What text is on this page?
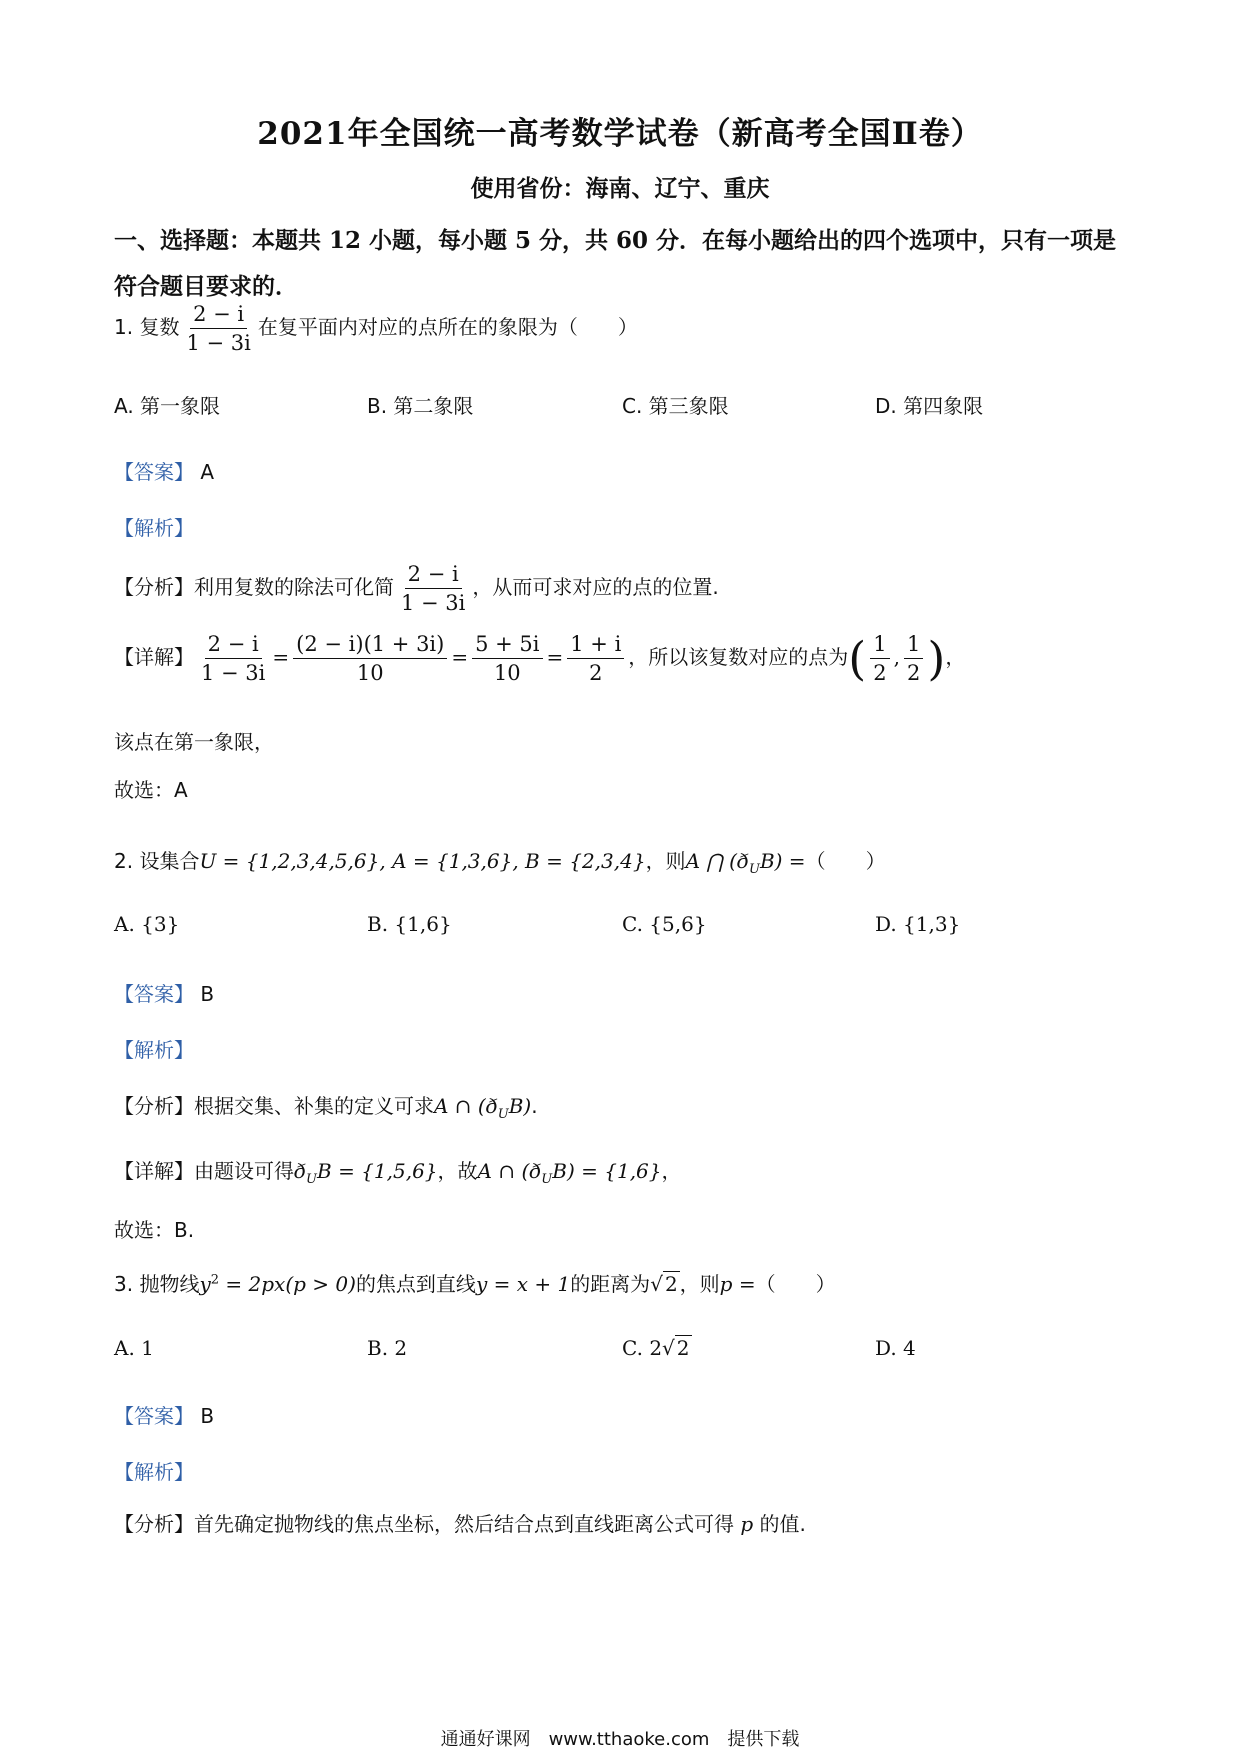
2021年全国统一高考数学试卷（新高考全国Ⅱ卷）
使用省份：海南、辽宁、重庆
一、选择题：本题共 12 小题，每小题 5 分，共 60 分．在每小题给出的四个选项中，只有一项是符合题目要求的．
1. 复数 $\frac{2 - i}{1 - 3i}$ 在复平面内对应的点所在的象限为（　　）
A. 第一象限	B. 第二象限	C. 第三象限	D. 第四象限
【答案】 A
【解析】
【分析】利用复数的除法可化简 $\frac{2 - i}{1 - 3i}$ ，从而可求对应的点的位置.
【详解】 $\frac{2 - i}{1 - 3i} = \frac{(2 - i)(1 + 3i)}{10} = \frac{5 + 5i}{10} = \frac{1 + i}{2}$ ，所以该复数对应的点为( $\frac{1}{2}$ , $\frac{1}{2}$ )，
该点在第一象限，
故选：A
2. 设集合U = {1,2,3,4,5,6}, A = {1,3,6}, B = {2,3,4}，则A ⋂ $(ð_UB)$ =（　　）
A. {3}	B. {1,6}	C. {5,6}	D. {1,3}
【答案】 B
【解析】
【分析】根据交集、补集的定义可求A ∩ $(ð_UB)$.
【详解】由题设可得$ð_UB = \{1,5,6\}$，故A ∩ $(ð_UB) = \{1,6\}$，
故选：B.
3. 抛物线$y^2 = 2px(p > 0)$的焦点到直线y = x + 1的距离为√ 2 ，则p =（　　）
A. 1	B. 2	C. 2√ 2	D. 4
【答案】 B
【解析】
【分析】首先确定抛物线的焦点坐标，然后结合点到直线距离公式可得 p 的值.
通通好课网　www.tthaoke.com　提供下载
